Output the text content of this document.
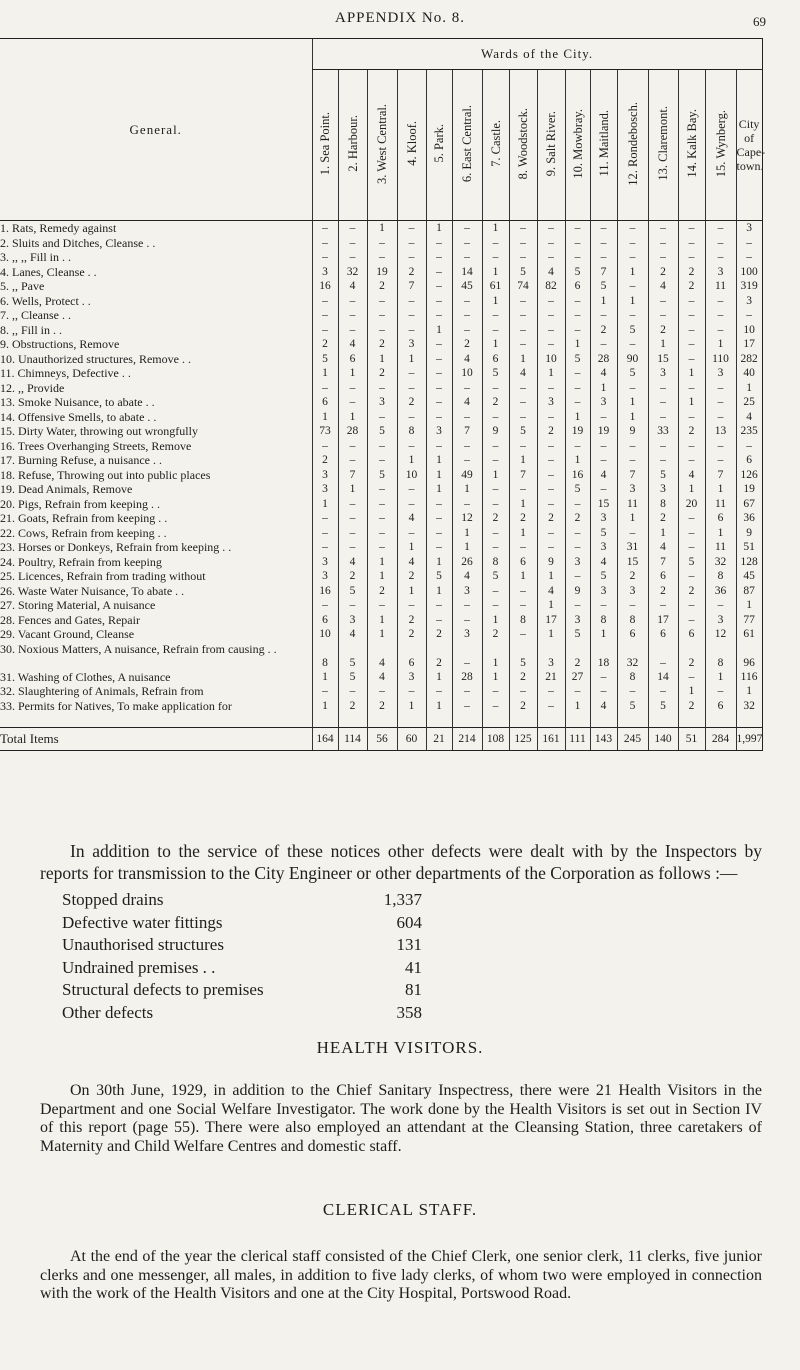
APPENDIX No. 8.	69
General.	Wards of the City.															
	1. Sea Point.	2. Harbour.	3. West Central.	4. Kloof.	5. Park.	6. East Central.	7. Castle.	8. Woodstock.	9. Salt River.	10. Mowbray.	11. Maitland.	12. Rondebosch.	13. Claremont.	14. Kalk Bay.	15. Wynberg.	City of Cape-town.
1. Rats, Remedy against	–	–	1	–	1	–	1	–	–	–	–	–	–	–	–	3
2. Sluits and Ditches, Cleanse . .	–	–	–	–	–	–	–	–	–	–	–	–	–	–	–	–
3. ,, ,, Fill in . .	–	–	–	–	–	–	–	–	–	–	–	–	–	–	–	–
4. Lanes, Cleanse . .	3	32	19	2	–	14	1	5	4	5	7	1	2	2	3	100
5. ,, Pave	16	4	2	7	–	45	61	74	82	6	5	–	4	2	11	319
6. Wells, Protect . .	–	–	–	–	–	–	1	–	–	–	1	1	–	–	–	3
7. ,, Cleanse . .	–	–	–	–	–	–	–	–	–	–	–	–	–	–	–	–
8. ,, Fill in . .	–	–	–	–	1	–	–	–	–	–	2	5	2	–	–	10
9. Obstructions, Remove	2	4	2	3	–	2	1	–	–	1	–	–	1	–	1	17
10. Unauthorized structures, Remove . .	5	6	1	1	–	4	6	1	10	5	28	90	15	–	110	282
11. Chimneys, Defective . .	1	1	2	–	–	10	5	4	1	–	4	5	3	1	3	40
12. ,, Provide	–	–	–	–	–	–	–	–	–	–	1	–	–	–	–	1
13. Smoke Nuisance, to abate . .	6	–	3	2	–	4	2	–	3	–	3	1	–	1	–	25
14. Offensive Smells, to abate . .	1	1	–	–	–	–	–	–	–	1	–	1	–	–	–	4
15. Dirty Water, throwing out wrongfully	73	28	5	8	3	7	9	5	2	19	19	9	33	2	13	235
16. Trees Overhanging Streets, Remove	–	–	–	–	–	–	–	–	–	–	–	–	–	–	–	–
17. Burning Refuse, a nuisance . .	2	–	–	1	1	–	–	1	–	1	–	–	–	–	–	6
18. Refuse, Throwing out into public places	3	7	5	10	1	49	1	7	–	16	4	7	5	4	7	126
19. Dead Animals, Remove	3	1	–	–	1	1	–	–	–	5	–	3	3	1	1	19
20. Pigs, Refrain from keeping . .	1	–	–	–	–	–	–	1	–	–	15	11	8	20	11	67
21. Goats, Refrain from keeping . .	–	–	–	4	–	12	2	2	2	2	3	1	2	–	6	36
22. Cows, Refrain from keeping . .	–	–	–	–	–	1	–	1	–	–	5	–	1	–	1	9
23. Horses or Donkeys, Refrain from keeping . .	–	–	–	1	–	1	–	–	–	–	3	31	4	–	11	51
24. Poultry, Refrain from keeping	3	4	1	4	1	26	8	6	9	3	4	15	7	5	32	128
25. Licences, Refrain from trading without	3	2	1	2	5	4	5	1	1	–	5	2	6	–	8	45
26. Waste Water Nuisance, To abate . .	16	5	2	1	1	3	–	–	4	9	3	3	2	2	36	87
27. Storing Material, A nuisance	–	–	–	–	–	–	–	–	1	–	–	–	–	–	–	1
28. Fences and Gates, Repair	6	3	1	2	–	–	1	8	17	3	8	8	17	–	3	77
29. Vacant Ground, Cleanse	10	4	1	2	2	3	2	–	1	5	1	6	6	6	12	61
30. Noxious Matters, A nuisance, Refrain from causing . .	8	5	4	6	2	–	1	5	3	2	18	32	–	2	8	96
31. Washing of Clothes, A nuisance	1	5	4	3	1	28	1	2	21	27	–	8	14	–	1	116
32. Slaughtering of Animals, Refrain from	–	–	–	–	–	–	–	–	–	–	–	–	–	1	–	1
33. Permits for Natives, To make application for	1	2	2	1	1	–	–	2	–	1	4	5	5	2	6	32

Total Items	164	114	56	60	21	214	108	125	161	111	143	245	140	51	284	1,997

In addition to the service of these notices other defects were dealt with by the Inspectors by reports for transmission to the City Engineer or other departments of the Corporation as follows :—

Stopped drains	1,337
Defective water fittings	604
Unauthorised structures	131
Undrained premises . .	41
Structural defects to premises	81
Other defects	358
HEALTH VISITORS.

On 30th June, 1929, in addition to the Chief Sanitary Inspectress, there were 21 Health Visitors in the Department and one Social Welfare Investigator. The work done by the Health Visitors is set out in Section IV of this report (page 55). There were also employed an attendant at the Cleansing Station, three caretakers of Maternity and Child Welfare Centres and domestic staff.

CLERICAL STAFF.

At the end of the year the clerical staff consisted of the Chief Clerk, one senior clerk, 11 clerks, five junior clerks and one messenger, all males, in addition to five lady clerks, of whom two were employed in connection with the work of the Health Visitors and one at the City Hospital, Portswood Road.
